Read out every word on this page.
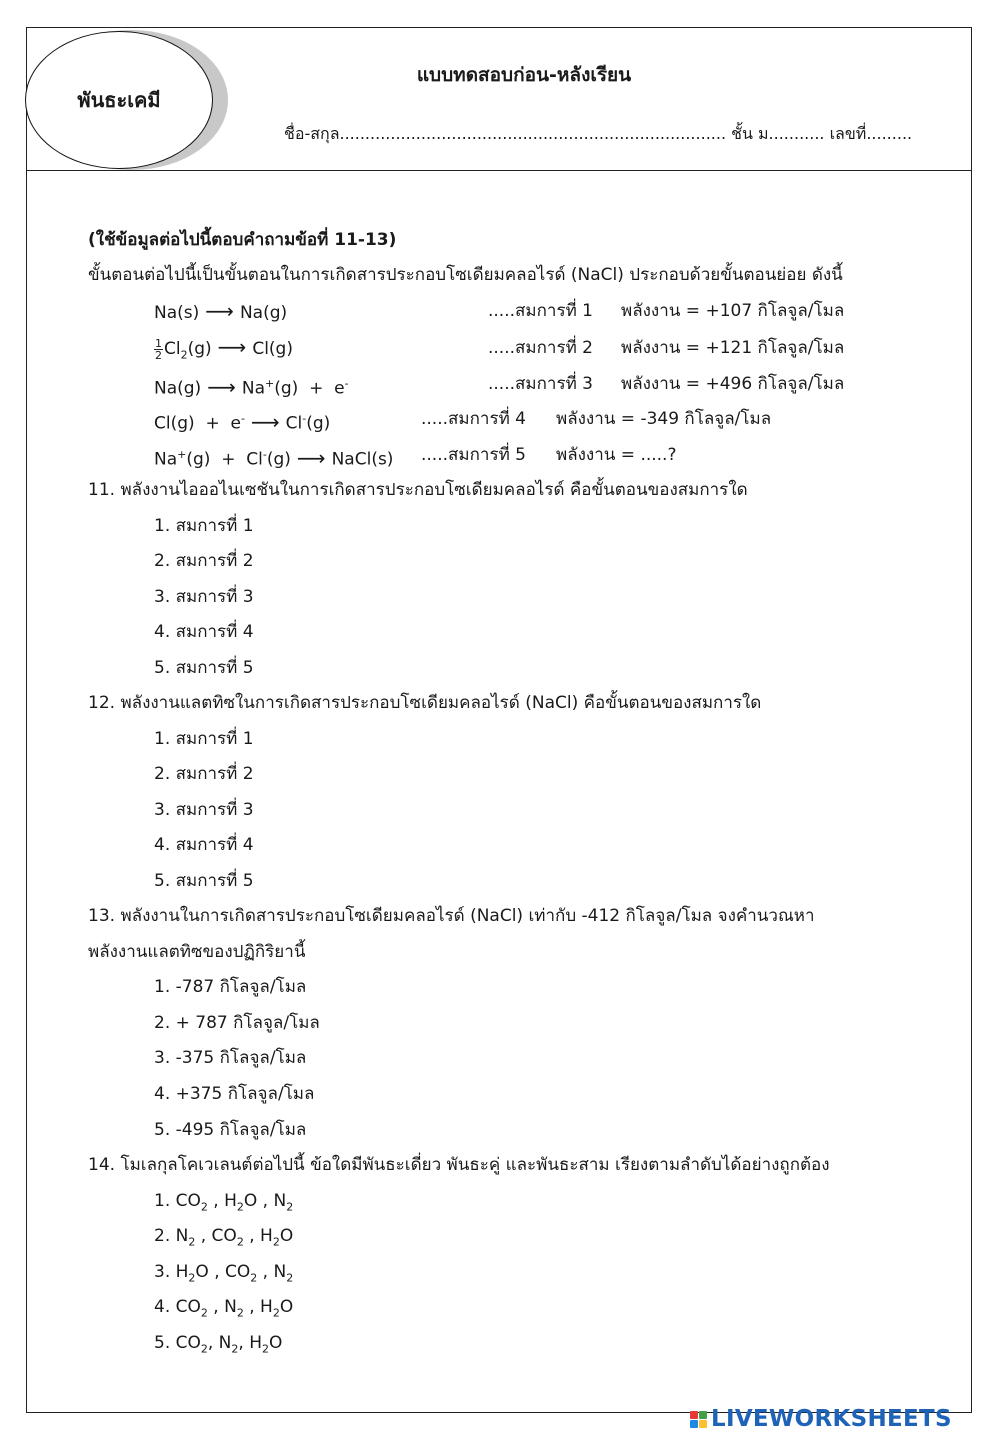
พันธะเคมี
แบบทดสอบก่อน-หลังเรียน
ชื่อ-สกุล............................................................................ ชั้น ม........... เลขที่.........
(ใช้ข้อมูลต่อไปนี้ตอบคำถามข้อที่ 11-13)
ขั้นตอนต่อไปนี้เป็นขั้นตอนในการเกิดสารประกอบโซเดียมคลอไรด์ (NaCl) ประกอบด้วยขั้นตอนย่อย ดังนี้
Na(s) ⟶ Na(g)	.....สมการที่ 1 พลังงาน = +107 กิโลจูล/โมล
$\frac{1}{2} Cl_2(g)$ ⟶ Cl(g)	.....สมการที่ 2 พลังงาน = +121 กิโลจูล/โมล
Na(g) ⟶ Na+(g)  +  e-	.....สมการที่ 3 พลังงาน = +496 กิโลจูล/โมล
Cl(g)  +  e- ⟶ Cl-(g)	.....สมการที่ 4 พลังงาน = -349 กิโลจูล/โมล
Na+(g)  +  Cl-(g) ⟶ NaCl(s) .....สมการที่ 5 พลังงาน = .....?
11. พลังงานไอออไนเซชันในการเกิดสารประกอบโซเดียมคลอไรด์ คือขั้นตอนของสมการใด
1. สมการที่ 1
2. สมการที่ 2
3. สมการที่ 3
4. สมการที่ 4
5. สมการที่ 5
12. พลังงานแลตทิซในการเกิดสารประกอบโซเดียมคลอไรด์ (NaCl) คือขั้นตอนของสมการใด
1. สมการที่ 1
2. สมการที่ 2
3. สมการที่ 3
4. สมการที่ 4
5. สมการที่ 5
13. พลังงานในการเกิดสารประกอบโซเดียมคลอไรด์ (NaCl) เท่ากับ -412 กิโลจูล/โมล จงคำนวณหา
พลังงานแลตทิซของปฏิกิริยานี้
1. -787 กิโลจูล/โมล
2. + 787 กิโลจูล/โมล
3. -375 กิโลจูล/โมล
4. +375 กิโลจูล/โมล
5. -495 กิโลจูล/โมล
14. โมเลกุลโคเวเลนต์ต่อไปนี้ ข้อใดมีพันธะเดี่ยว พันธะคู่ และพันธะสาม เรียงตามลำดับได้อย่างถูกต้อง
1. $CO_2$ , $H_2O$ , $N_2$
2. $N_2$ , $CO_2$ , $H_2O$
3. $H_2O$ , $CO_2$ , $N_2$
4. $CO_2$ , $N_2$ , $H_2O$
5. $CO_2$, $N_2$, $H_2O$
LIVEWORKSHEETS
